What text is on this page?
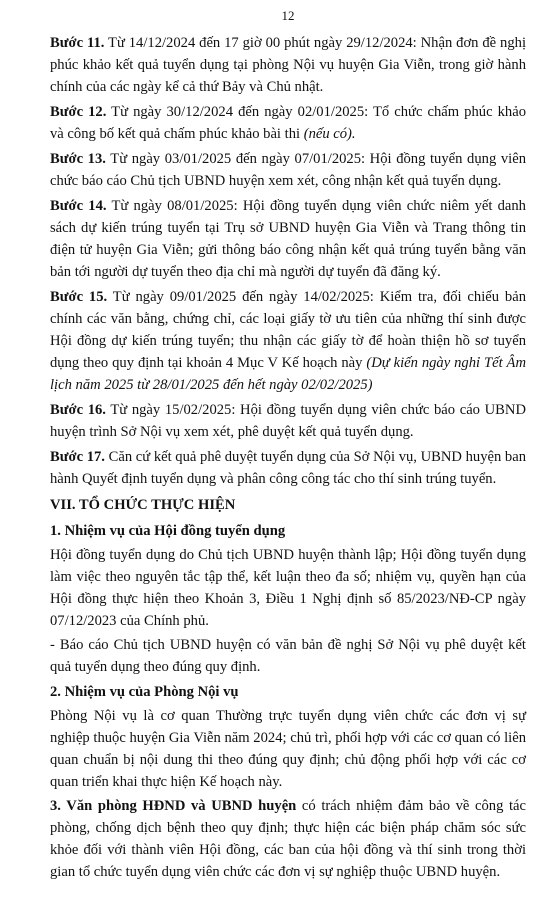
12

Bước 11. Từ 14/12/2024 đến 17 giờ 00 phút ngày 29/12/2024: Nhận đơn đề nghị phúc khảo kết quả tuyển dụng tại phòng Nội vụ huyện Gia Viễn, trong giờ hành chính của các ngày kể cả thứ Bảy và Chủ nhật.

Bước 12. Từ ngày 30/12/2024 đến ngày 02/01/2025: Tổ chức chấm phúc khảo và công bố kết quả chấm phúc khảo bài thi (nếu có).

Bước 13. Từ ngày 03/01/2025 đến ngày 07/01/2025: Hội đồng tuyển dụng viên chức báo cáo Chủ tịch UBND huyện xem xét, công nhận kết quả tuyển dụng.

Bước 14. Từ ngày 08/01/2025: Hội đồng tuyển dụng viên chức niêm yết danh sách dự kiến trúng tuyển tại Trụ sở UBND huyện Gia Viễn và Trang thông tin điện tử huyện Gia Viễn; gửi thông báo công nhận kết quả trúng tuyển bằng văn bản tới người dự tuyển theo địa chỉ mà người dự tuyển đã đăng ký.

Bước 15. Từ ngày 09/01/2025 đến ngày 14/02/2025: Kiểm tra, đối chiếu bản chính các văn bằng, chứng chỉ, các loại giấy tờ ưu tiên của những thí sinh được Hội đồng dự kiến trúng tuyển; thu nhận các giấy tờ để hoàn thiện hồ sơ tuyển dụng theo quy định tại khoản 4 Mục V Kế hoạch này (Dự kiến ngày nghỉ Tết Âm lịch năm 2025 từ 28/01/2025 đến hết ngày 02/02/2025)

Bước 16. Từ ngày 15/02/2025: Hội đồng tuyển dụng viên chức báo cáo UBND huyện trình Sở Nội vụ xem xét, phê duyệt kết quả tuyển dụng.

Bước 17. Căn cứ kết quả phê duyệt tuyển dụng của Sở Nội vụ, UBND huyện ban hành Quyết định tuyển dụng và phân công công tác cho thí sinh trúng tuyển.

VII. TỔ CHỨC THỰC HIỆN

1. Nhiệm vụ của Hội đồng tuyển dụng

Hội đồng tuyển dụng do Chủ tịch UBND huyện thành lập; Hội đồng tuyển dụng làm việc theo nguyên tắc tập thể, kết luận theo đa số; nhiệm vụ, quyền hạn của Hội đồng thực hiện theo Khoản 3, Điều 1 Nghị định số 85/2023/NĐ-CP ngày 07/12/2023 của Chính phủ.

- Báo cáo Chủ tịch UBND huyện có văn bản đề nghị Sở Nội vụ phê duyệt kết quả tuyển dụng theo đúng quy định.

2. Nhiệm vụ của Phòng Nội vụ

Phòng Nội vụ là cơ quan Thường trực tuyển dụng viên chức các đơn vị sự nghiệp thuộc huyện Gia Viễn năm 2024; chủ trì, phối hợp với các cơ quan có liên quan chuẩn bị nội dung thi theo đúng quy định; chủ động phối hợp với các cơ quan triển khai thực hiện Kế hoạch này.

3. Văn phòng HĐND và UBND huyện có trách nhiệm đảm bảo về công tác phòng, chống dịch bệnh theo quy định; thực hiện các biện pháp chăm sóc sức khỏe đối với thành viên Hội đồng, các ban của hội đồng và thí sinh trong thời gian tổ chức tuyển dụng viên chức các đơn vị sự nghiệp thuộc UBND huyện.
